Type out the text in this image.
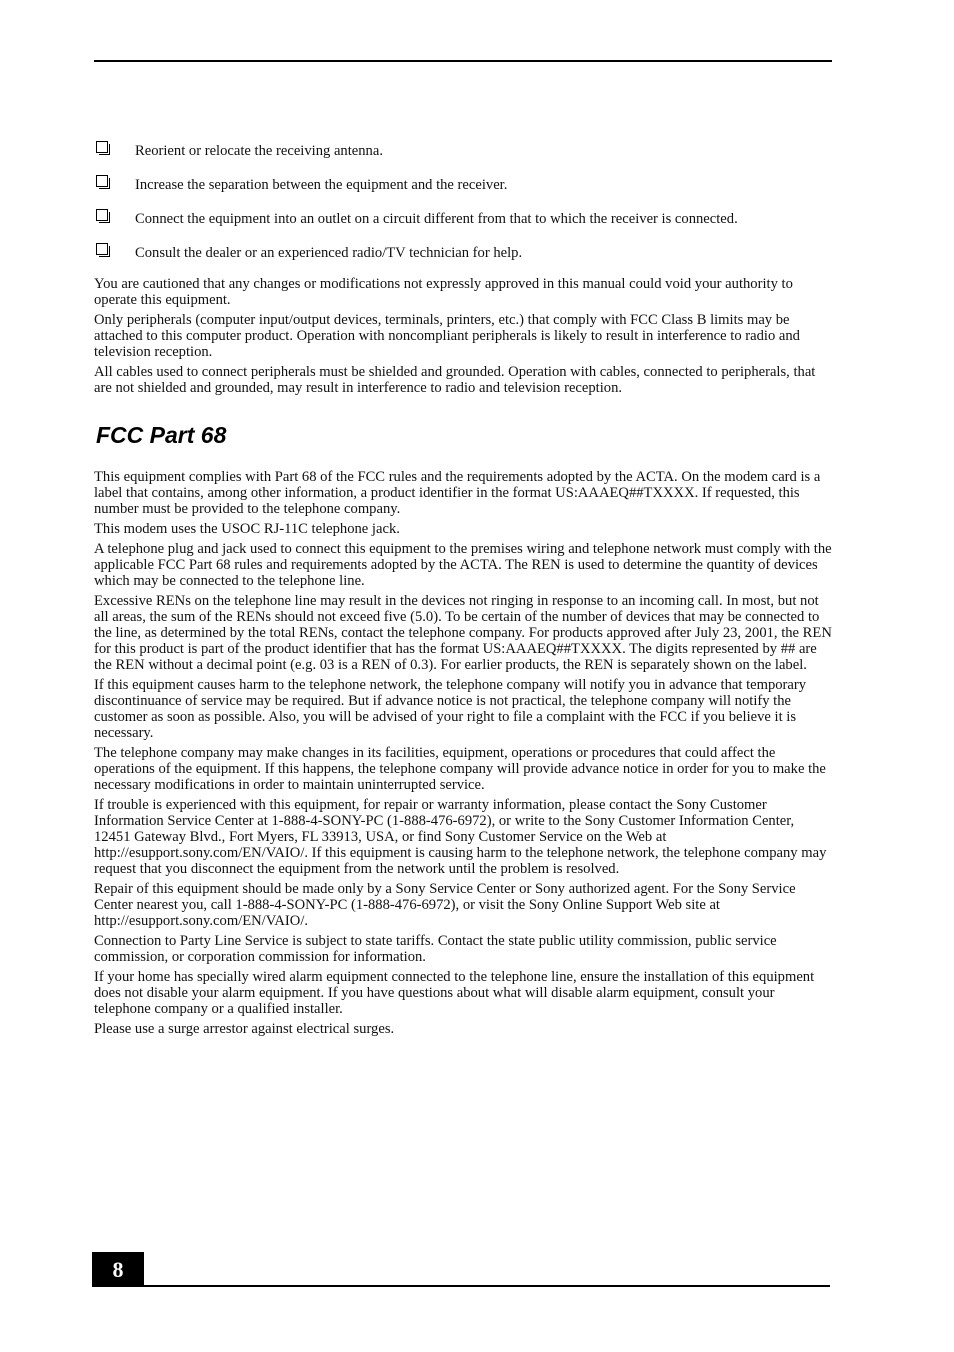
Reorient or relocate the receiving antenna.
Increase the separation between the equipment and the receiver.
Connect the equipment into an outlet on a circuit different from that to which the receiver is connected.
Consult the dealer or an experienced radio/TV technician for help.

You are cautioned that any changes or modifications not expressly approved in this manual could void your authority to operate this equipment.

Only peripherals (computer input/output devices, terminals, printers, etc.) that comply with FCC Class B limits may be attached to this computer product. Operation with noncompliant peripherals is likely to result in interference to radio and television reception.

All cables used to connect peripherals must be shielded and grounded. Operation with cables, connected to peripherals, that are not shielded and grounded, may result in interference to radio and television reception.

FCC Part 68

This equipment complies with Part 68 of the FCC rules and the requirements adopted by the ACTA. On the modem card is a label that contains, among other information, a product identifier in the format US:AAAEQ##TXXXX. If requested, this number must be provided to the telephone company.

This modem uses the USOC RJ-11C telephone jack.

A telephone plug and jack used to connect this equipment to the premises wiring and telephone network must comply with the applicable FCC Part 68 rules and requirements adopted by the ACTA. The REN is used to determine the quantity of devices which may be connected to the telephone line.

Excessive RENs on the telephone line may result in the devices not ringing in response to an incoming call. In most, but not all areas, the sum of the RENs should not exceed five (5.0). To be certain of the number of devices that may be connected to the line, as determined by the total RENs, contact the telephone company. For products approved after July 23, 2001, the REN for this product is part of the product identifier that has the format US:AAAEQ##TXXXX. The digits represented by ## are the REN without a decimal point (e.g. 03 is a REN of 0.3). For earlier products, the REN is separately shown on the label.

If this equipment causes harm to the telephone network, the telephone company will notify you in advance that temporary discontinuance of service may be required. But if advance notice is not practical, the telephone company will notify the customer as soon as possible. Also, you will be advised of your right to file a complaint with the FCC if you believe it is necessary.

The telephone company may make changes in its facilities, equipment, operations or procedures that could affect the operations of the equipment. If this happens, the telephone company will provide advance notice in order for you to make the necessary modifications in order to maintain uninterrupted service.

If trouble is experienced with this equipment, for repair or warranty information, please contact the Sony Customer Information Service Center at 1-888-4-SONY-PC (1-888-476-6972), or write to the Sony Customer Information Center, 12451 Gateway Blvd., Fort Myers, FL 33913, USA, or find Sony Customer Service on the Web at http://esupport.sony.com/EN/VAIO/. If this equipment is causing harm to the telephone network, the telephone company may request that you disconnect the equipment from the network until the problem is resolved.

Repair of this equipment should be made only by a Sony Service Center or Sony authorized agent. For the Sony Service Center nearest you, call 1-888-4-SONY-PC (1-888-476-6972), or visit the Sony Online Support Web site at http://esupport.sony.com/EN/VAIO/.

Connection to Party Line Service is subject to state tariffs. Contact the state public utility commission, public service commission, or corporation commission for information.

If your home has specially wired alarm equipment connected to the telephone line, ensure the installation of this equipment does not disable your alarm equipment. If you have questions about what will disable alarm equipment, consult your telephone company or a qualified installer.

Please use a surge arrestor against electrical surges.

8
